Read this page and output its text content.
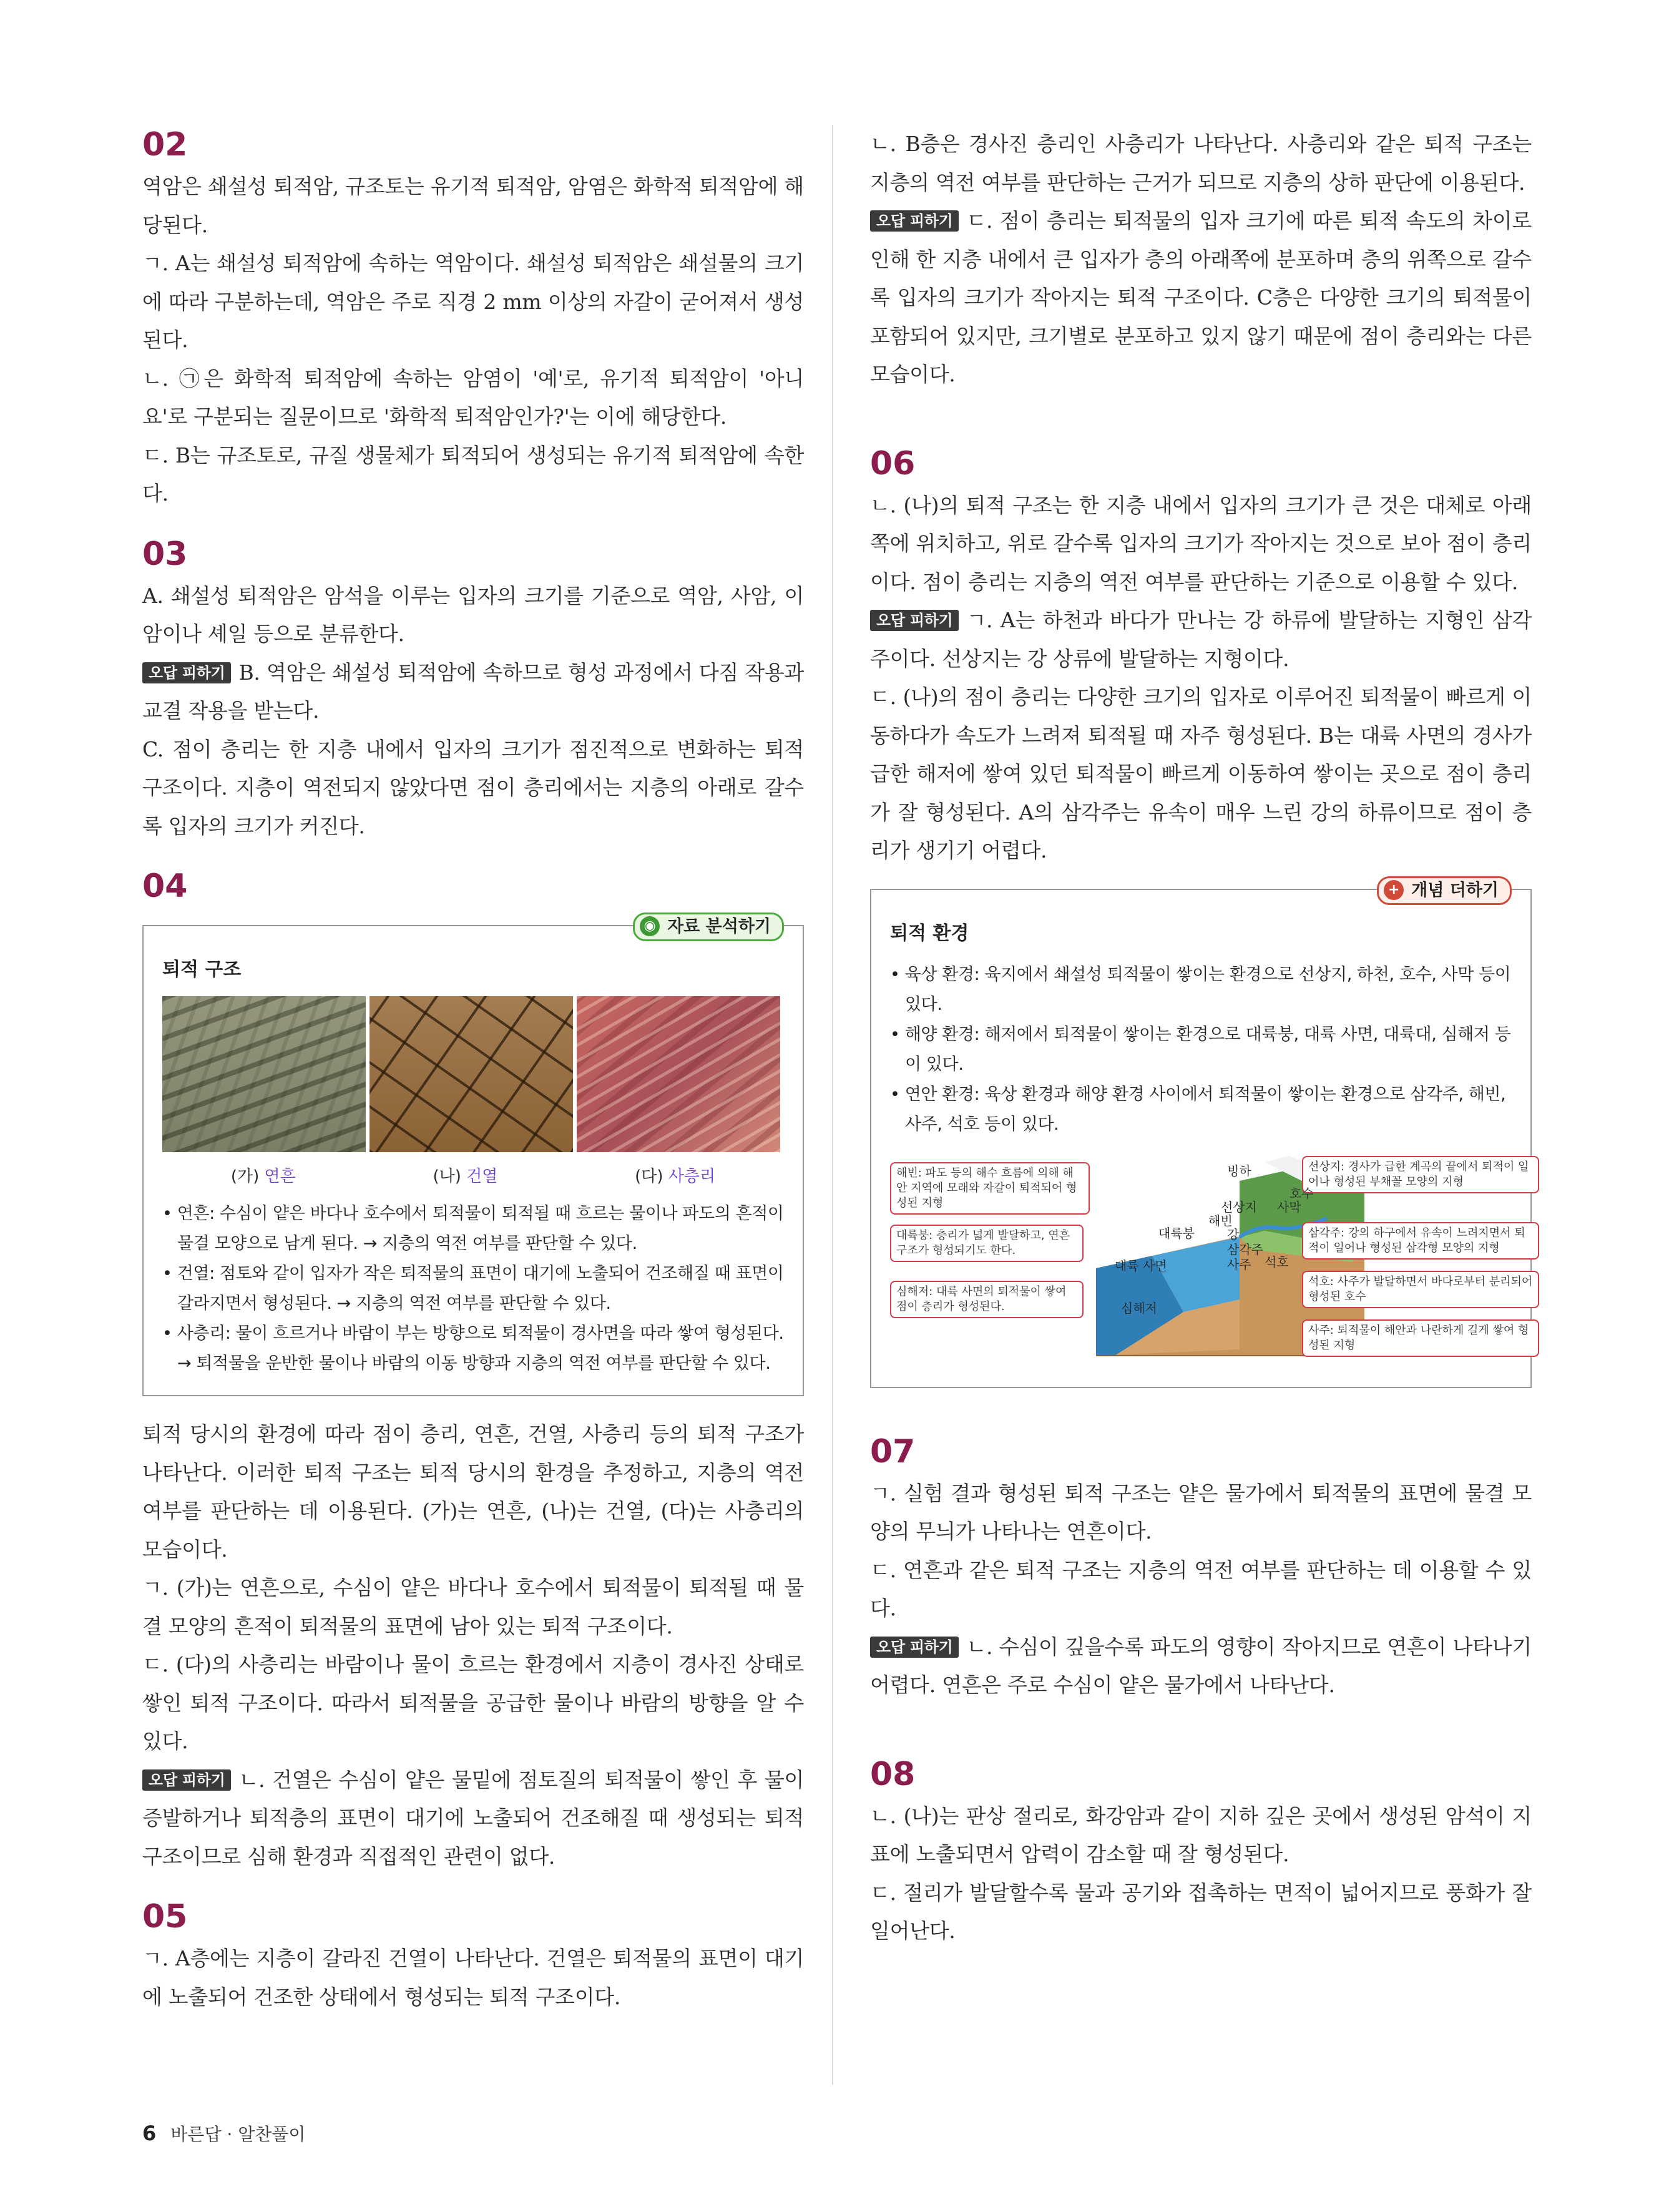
02

역암은 쇄설성 퇴적암, 규조토는 유기적 퇴적암, 암염은 화학적 퇴적암에 해당된다.

ㄱ. A는 쇄설성 퇴적암에 속하는 역암이다. 쇄설성 퇴적암은 쇄설물의 크기에 따라 구분하는데, 역암은 주로 직경 2 mm 이상의 자갈이 굳어져서 생성된다.

ㄴ. ㉠은 화학적 퇴적암에 속하는 암염이 '예'로, 유기적 퇴적암이 '아니요'로 구분되는 질문이므로 '화학적 퇴적암인가?'는 이에 해당한다.

ㄷ. B는 규조토로, 규질 생물체가 퇴적되어 생성되는 유기적 퇴적암에 속한다.

03

A. 쇄설성 퇴적암은 암석을 이루는 입자의 크기를 기준으로 역암, 사암, 이암이나 셰일 등으로 분류한다.

오답 피하기 B. 역암은 쇄설성 퇴적암에 속하므로 형성 과정에서 다짐 작용과 교결 작용을 받는다.

C. 점이 층리는 한 지층 내에서 입자의 크기가 점진적으로 변화하는 퇴적 구조이다. 지층이 역전되지 않았다면 점이 층리에서는 지층의 아래로 갈수록 입자의 크기가 커진다.

04
◉ 자료 분석하기
퇴적 구조
(가) 연흔	(나) 건열	(다) 사층리

• 연흔: 수심이 얕은 바다나 호수에서 퇴적물이 퇴적될 때 흐르는 물이나 파도의 흔적이 물결 모양으로 남게 된다. → 지층의 역전 여부를 판단할 수 있다.

• 건열: 점토와 같이 입자가 작은 퇴적물의 표면이 대기에 노출되어 건조해질 때 표면이 갈라지면서 형성된다. → 지층의 역전 여부를 판단할 수 있다.

• 사층리: 물이 흐르거나 바람이 부는 방향으로 퇴적물이 경사면을 따라 쌓여 형성된다. → 퇴적물을 운반한 물이나 바람의 이동 방향과 지층의 역전 여부를 판단할 수 있다.

퇴적 당시의 환경에 따라 점이 층리, 연흔, 건열, 사층리 등의 퇴적 구조가 나타난다. 이러한 퇴적 구조는 퇴적 당시의 환경을 추정하고, 지층의 역전 여부를 판단하는 데 이용된다. (가)는 연흔, (나)는 건열, (다)는 사층리의 모습이다.

ㄱ. (가)는 연흔으로, 수심이 얕은 바다나 호수에서 퇴적물이 퇴적될 때 물결 모양의 흔적이 퇴적물의 표면에 남아 있는 퇴적 구조이다.

ㄷ. (다)의 사층리는 바람이나 물이 흐르는 환경에서 지층이 경사진 상태로 쌓인 퇴적 구조이다. 따라서 퇴적물을 공급한 물이나 바람의 방향을 알 수 있다.

오답 피하기 ㄴ. 건열은 수심이 얕은 물밑에 점토질의 퇴적물이 쌓인 후 물이 증발하거나 퇴적층의 표면이 대기에 노출되어 건조해질 때 생성되는 퇴적 구조이므로 심해 환경과 직접적인 관련이 없다.

05

ㄱ. A층에는 지층이 갈라진 건열이 나타난다. 건열은 퇴적물의 표면이 대기에 노출되어 건조한 상태에서 형성되는 퇴적 구조이다.

ㄴ. B층은 경사진 층리인 사층리가 나타난다. 사층리와 같은 퇴적 구조는 지층의 역전 여부를 판단하는 근거가 되므로 지층의 상하 판단에 이용된다.

오답 피하기 ㄷ. 점이 층리는 퇴적물의 입자 크기에 따른 퇴적 속도의 차이로 인해 한 지층 내에서 큰 입자가 층의 아래쪽에 분포하며 층의 위쪽으로 갈수록 입자의 크기가 작아지는 퇴적 구조이다. C층은 다양한 크기의 퇴적물이 포함되어 있지만, 크기별로 분포하고 있지 않기 때문에 점이 층리와는 다른 모습이다.

06

ㄴ. (나)의 퇴적 구조는 한 지층 내에서 입자의 크기가 큰 것은 대체로 아래쪽에 위치하고, 위로 갈수록 입자의 크기가 작아지는 것으로 보아 점이 층리이다. 점이 층리는 지층의 역전 여부를 판단하는 기준으로 이용할 수 있다.

오답 피하기 ㄱ. A는 하천과 바다가 만나는 강 하류에 발달하는 지형인 삼각주이다. 선상지는 강 상류에 발달하는 지형이다.

ㄷ. (나)의 점이 층리는 다양한 크기의 입자로 이루어진 퇴적물이 빠르게 이동하다가 속도가 느려져 퇴적될 때 자주 형성된다. B는 대륙 사면의 경사가 급한 해저에 쌓여 있던 퇴적물이 빠르게 이동하여 쌓이는 곳으로 점이 층리가 잘 형성된다. A의 삼각주는 유속이 매우 느린 강의 하류이므로 점이 층리가 생기기 어렵다.

+ 개념 더하기
퇴적 환경

• 육상 환경: 육지에서 쇄설성 퇴적물이 쌓이는 환경으로 선상지, 하천, 호수, 사막 등이 있다.

• 해양 환경: 해저에서 퇴적물이 쌓이는 환경으로 대륙붕, 대륙 사면, 대륙대, 심해저 등이 있다.

• 연안 환경: 육상 환경과 해양 환경 사이에서 퇴적물이 쌓이는 환경으로 삼각주, 해빈, 사주, 석호 등이 있다.

해빈: 파도 등의 해수 흐름에 의해 해안 지역에 모래와 자갈이 퇴적되어 형성된 지형
대륙붕: 층리가 넓게 발달하고, 연흔 구조가 형성되기도 한다.
심해저: 대륙 사면의 퇴적물이 쌓여 점이 층리가 형성된다.
선상지: 경사가 급한 계곡의 끝에서 퇴적이 일어나 형성된 부채꼴 모양의 지형
삼각주: 강의 하구에서 유속이 느려지면서 퇴적이 일어나 형성된 삼각형 모양의 지형
석호: 사주가 발달하면서 바다로부터 분리되어 형성된 호수
사주: 퇴적물이 해안과 나란하게 길게 쌓여 형성된 지형
빙하
선상지 사막
호수
해빈
강
대륙붕
삼각주
석호
사주
대륙 사면
심해저
07

ㄱ. 실험 결과 형성된 퇴적 구조는 얕은 물가에서 퇴적물의 표면에 물결 모양의 무늬가 나타나는 연흔이다.

ㄷ. 연흔과 같은 퇴적 구조는 지층의 역전 여부를 판단하는 데 이용할 수 있다.

오답 피하기 ㄴ. 수심이 깊을수록 파도의 영향이 작아지므로 연흔이 나타나기 어렵다. 연흔은 주로 수심이 얕은 물가에서 나타난다.

08

ㄴ. (나)는 판상 절리로, 화강암과 같이 지하 깊은 곳에서 생성된 암석이 지표에 노출되면서 압력이 감소할 때 잘 형성된다.

ㄷ. 절리가 발달할수록 물과 공기와 접촉하는 면적이 넓어지므로 풍화가 잘 일어난다.

6 바른답 · 알찬풀이
